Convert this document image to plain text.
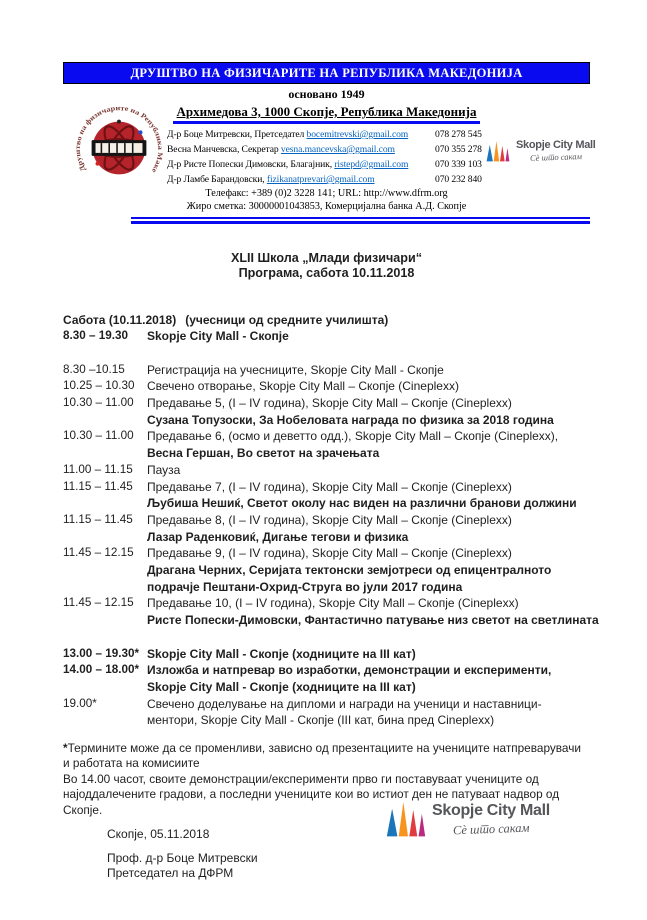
ДРУШТВО НА ФИЗИЧАРИТЕ НА РЕПУБЛИКА МАКЕДОНИЈА
основано 1949
Архимедова 3, 1000 Скопје, Република Македонија
Д-р Боце Митревски, Претседател bocemitrevski@gmail.com	078 278 545
Весна Манчевска, Секретар vesna.mancevska@gmail.com	070 355 278
Д-р Ристе Попески Димовски, Благајник, ristepd@gmail.com	070 339 103
Д-р Ламбе Барандовски, fizikanatprevari@gmail.com	070 232 840
Телефакс: +389 (0)2 3228 141; URL: http://www.dfrm.org
Жиро сметка: 30000001043853, Комерцијална банка А.Д. Скопје
XLII Школа „Млади физичари“
Програма, сабота 10.11.2018
Сабота (10.11.2018) (учесници од средните училишта)
8.30 – 19.30	Skopje City Mall - Скопје
8.30 –10.15	Регистрација на учесниците, Skopje City Mall - Скопје
10.25 – 10.30	Свечено отворање, Skopje City Mall – Скопје (Cineplexx)
10.30 – 11.00	Предавање 5, (I – IV година), Skopje City Mall – Скопје (Cineplexx)
Сузана Топузоски, За Нобеловата награда по физика за 2018 година
10.30 – 11.00	Предавање 6, (осмо и деветто одд.), Skopje City Mall – Скопје (Cineplexx),
Весна Гершан, Во светот на зрачењата
11.00 – 11.15	Пауза
11.15 – 11.45	Предавање 7, (I – IV година), Skopje City Mall – Скопје (Cineplexx)
Љубиша Нешиќ, Светот околу нас виден на различни бранови должини
11.15 – 11.45	Предавање 8, (I – IV година), Skopje City Mall – Скопје (Cineplexx)
Лазар Раденковиќ, Дигање тегови и физика
11.45 – 12.15	Предавање 9, (I – IV година), Skopje City Mall – Скопје (Cineplexx)
Драгана Черних, Серијата тектонски земјотреси од епицентралното
подрачје Пештани-Охрид-Струга во јули 2017 година
11.45 – 12.15	Предавање 10, (I – IV година), Skopje City Mall – Скопје (Cineplexx)
Ристе Попески-Димовски, Фантастично патување низ светот на светлината
13.00 – 19.30* Skopje City Mall - Скопје (ходниците на III кат)
14.00 – 18.00* Изложба и натпревар во изработки, демонстрации и експерименти,
Skopje City Mall - Скопје (ходниците на III кат)
19.00*	Свечено доделување на дипломи и награди на ученици и наставници-
ментори, Skopje City Mall - Скопје (III кат, бина пред Cineplexx)

*Термините може да се променливи, зависно од презентациите на учениците натпреварувачи и работата на комисиите

Во 14.00 часот, своите демонстрации/експерименти прво ги поставуваат учениците од најоддалечените градови, а последни учениците кои во истиот ден не патуваат надвор од Скопје.

Скопје, 05.11.2018
Проф. д-р Боце Митревски
Претседател на ДФРМ
Друштво на физичарите на Република Маке
Skopje City Mall
Сè што сакам
Skopje City Mall
Сè што сакам
